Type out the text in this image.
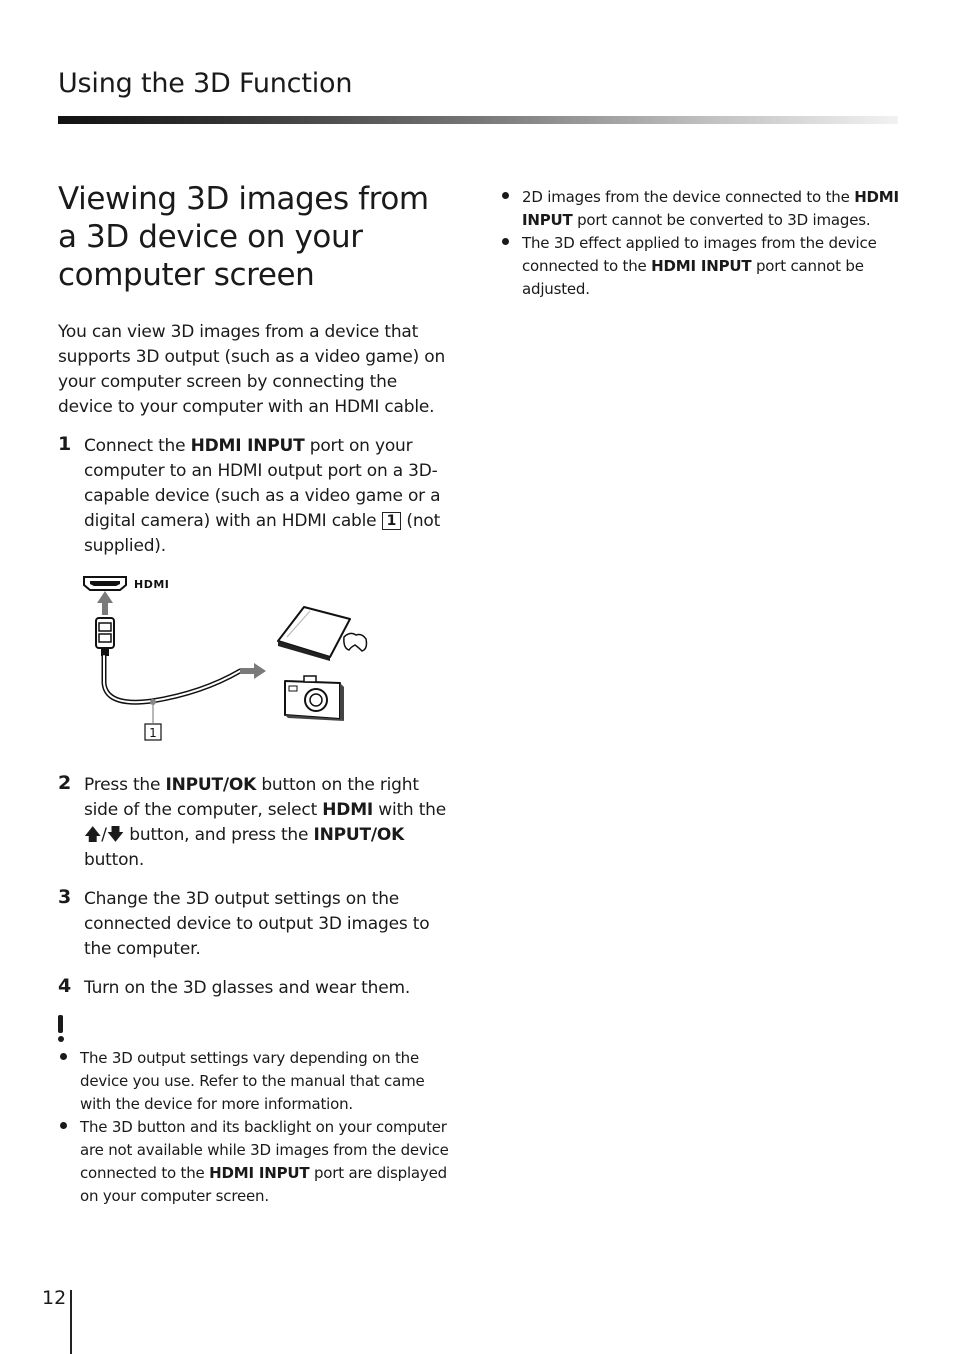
Using the 3D Function
Viewing 3D images from a 3D device on your computer screen

You can view 3D images from a device that supports 3D output (such as a video game) on your computer screen by connecting the device to your computer with an HDMI cable.

1 Connect the HDMI INPUT port on your computer to an HDMI output port on a 3D-capable device (such as a video game or a digital camera) with an HDMI cable 1 (not supplied).
HDMI
1
2 Press the INPUT/OK button on the right side of the computer, select HDMI with the 🡅/🡇 button, and press the INPUT/OK button.
3 Change the 3D output settings on the connected device to output 3D images to the computer.
4 Turn on the 3D glasses and wear them.
The 3D output settings vary depending on the device you use. Refer to the manual that came with the device for more information.
The 3D button and its backlight on your computer are not available while 3D images from the device connected to the HDMI INPUT port are displayed on your computer screen.
2D images from the device connected to the HDMI INPUT port cannot be converted to 3D images.
The 3D effect applied to images from the device connected to the HDMI INPUT port cannot be adjusted.
12
